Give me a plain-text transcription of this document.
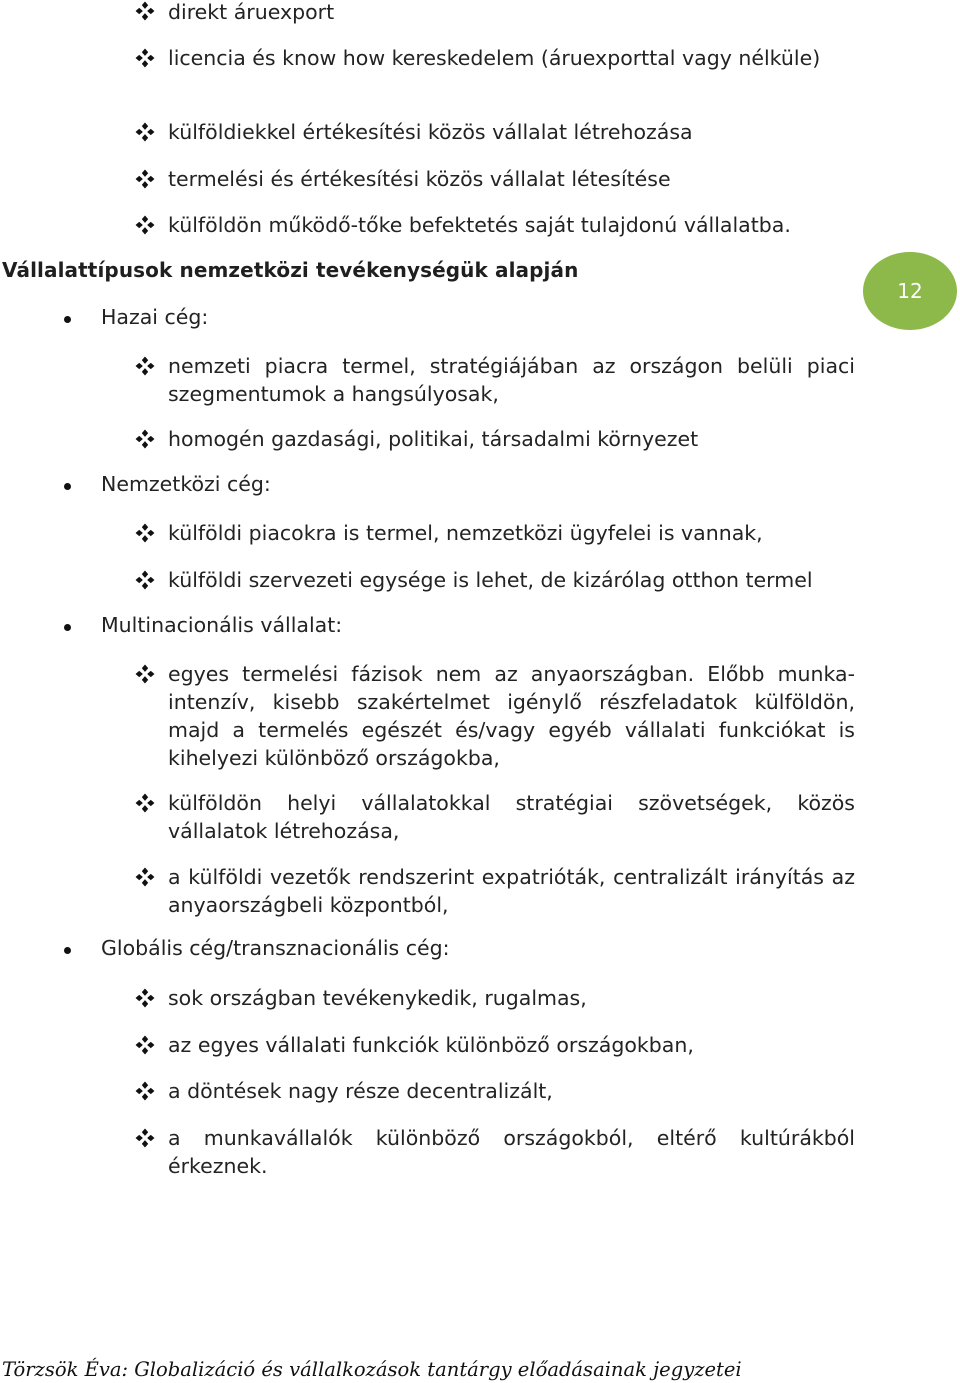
direkt áruexport
licencia és know how kereskedelem (áruexporttal vagy nélküle)
külföldiekkel értékesítési közös vállalat létrehozása
termelési és értékesítési közös vállalat létesítése
külföldön működő-tőke befektetés saját tulajdonú vállalatba.
Vállalattípusok nemzetközi tevékenységük alapján
12
Hazai cég:
nemzeti piacra termel, stratégiájában az országon belüli piaci szegmentumok a hangsúlyosak,
homogén gazdasági, politikai, társadalmi környezet
Nemzetközi cég:
külföldi piacokra is termel, nemzetközi ügyfelei is vannak,
külföldi szervezeti egysége is lehet, de kizárólag otthon termel
Multinacionális vállalat:
egyes termelési fázisok nem az anyaországban. Előbb munka-intenzív, kisebb szakértelmet igénylő részfeladatok külföldön, majd a termelés egészét és/vagy egyéb vállalati funkciókat is kihelyezi különböző országokba,
külföldön helyi vállalatokkal stratégiai szövetségek, közös vállalatok létrehozása,
a külföldi vezetők rendszerint expatrióták, centralizált irányítás az anyaországbeli központból,
Globális cég/transznacionális cég:
sok országban tevékenykedik, rugalmas,
az egyes vállalati funkciók különböző országokban,
a döntések nagy része decentralizált,
a munkavállalók különböző országokból, eltérő kultúrákból érkeznek.
Törzsök Éva: Globalizáció és vállalkozások tantárgy előadásainak jegyzetei
